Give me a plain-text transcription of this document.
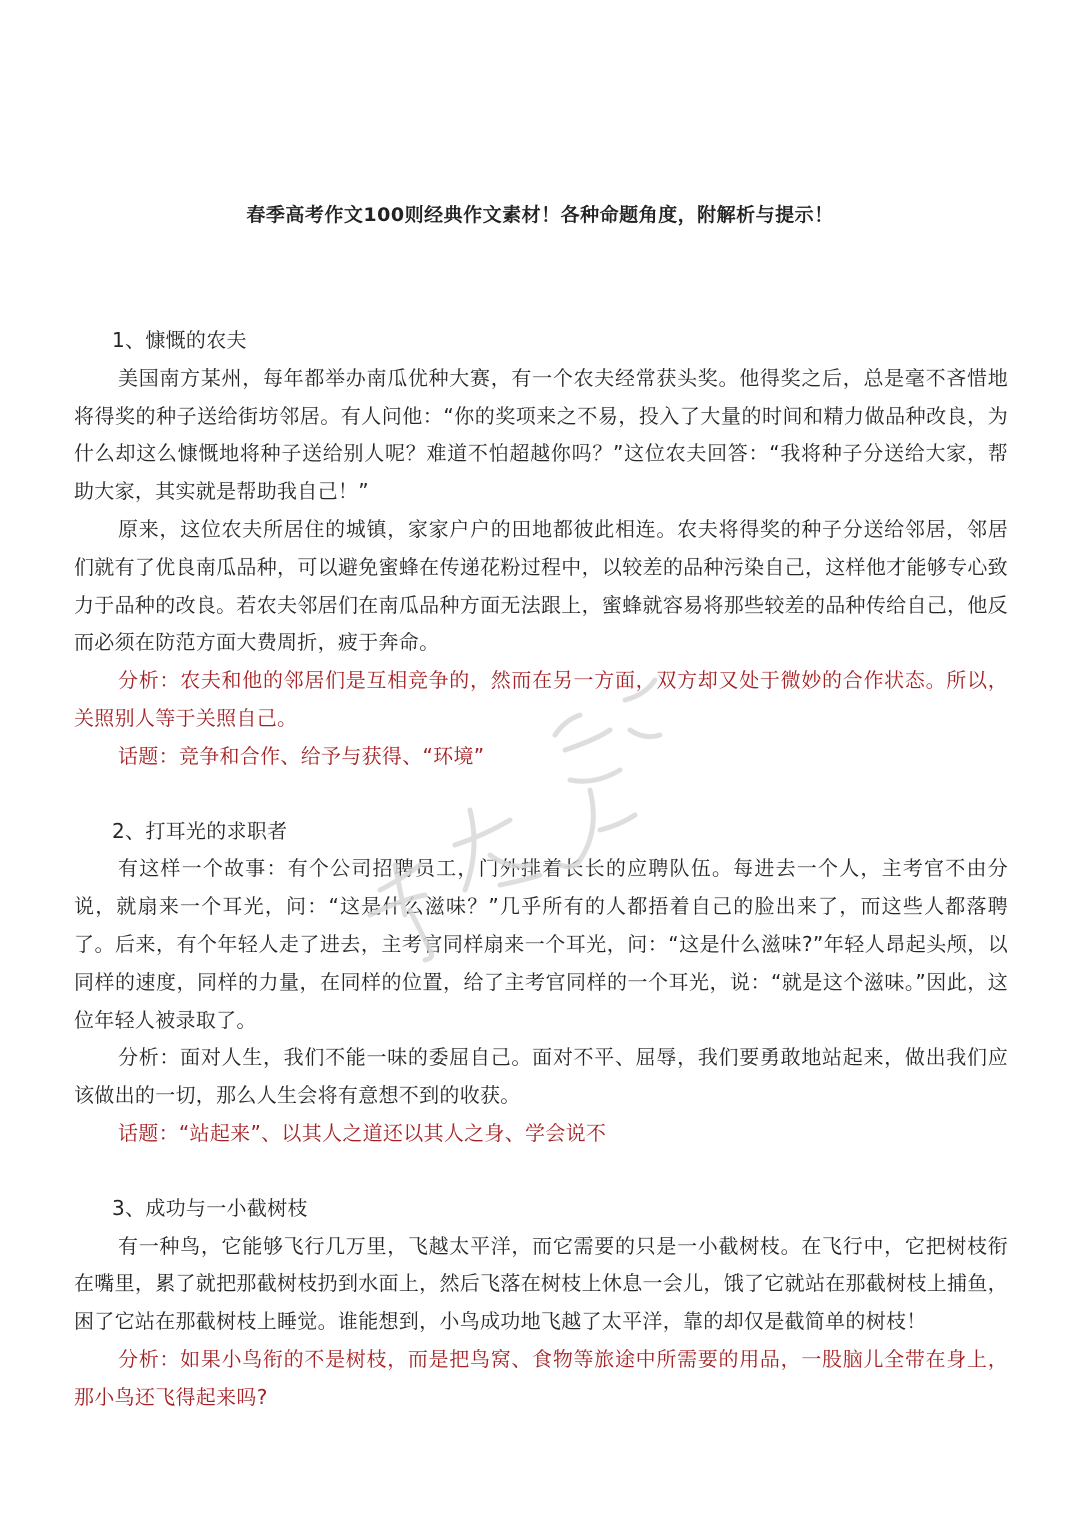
春季高考作文100则经典作文素材！各种命题角度，附解析与提示！

1、慷慨的农夫

美国南方某州，每年都举办南瓜优种大赛，有一个农夫经常获头奖。他得奖之后，总是毫不吝惜地将得奖的种子送给街坊邻居。有人问他：“你的奖项来之不易，投入了大量的时间和精力做品种改良，为什么却这么慷慨地将种子送给别人呢？难道不怕超越你吗？”这位农夫回答：“我将种子分送给大家，帮助大家，其实就是帮助我自己！”

原来，这位农夫所居住的城镇，家家户户的田地都彼此相连。农夫将得奖的种子分送给邻居，邻居们就有了优良南瓜品种，可以避免蜜蜂在传递花粉过程中，以较差的品种污染自己，这样他才能够专心致力于品种的改良。若农夫邻居们在南瓜品种方面无法跟上，蜜蜂就容易将那些较差的品种传给自己，他反而必须在防范方面大费周折，疲于奔命。

分析：农夫和他的邻居们是互相竞争的，然而在另一方面，双方却又处于微妙的合作状态。所以，关照别人等于关照自己。

话题：竞争和合作、给予与获得、“环境”

2、打耳光的求职者

有这样一个故事：有个公司招聘员工，门外排着长长的应聘队伍。每进去一个人，主考官不由分说，就扇来一个耳光，问：“这是什么滋味？”几乎所有的人都捂着自己的脸出来了，而这些人都落聘了。后来，有个年轻人走了进去，主考官同样扇来一个耳光，问：“这是什么滋味?”年轻人昂起头颅，以同样的速度，同样的力量，在同样的位置，给了主考官同样的一个耳光，说：“就是这个滋味。”因此，这位年轻人被录取了。

分析：面对人生，我们不能一味的委屈自己。面对不平、屈辱，我们要勇敢地站起来，做出我们应该做出的一切，那么人生会将有意想不到的收获。

话题：“站起来”、以其人之道还以其人之身、学会说不

3、成功与一小截树枝

有一种鸟，它能够飞行几万里，飞越太平洋，而它需要的只是一小截树枝。在飞行中，它把树枝衔在嘴里，累了就把那截树枝扔到水面上，然后飞落在树枝上休息一会儿，饿了它就站在那截树枝上捕鱼，困了它站在那截树枝上睡觉。谁能想到，小鸟成功地飞越了太平洋，靠的却仅是截简单的树枝！

分析：如果小鸟衔的不是树枝，而是把鸟窝、食物等旅途中所需要的用品，一股脑儿全带在身上，那小鸟还飞得起来吗?
